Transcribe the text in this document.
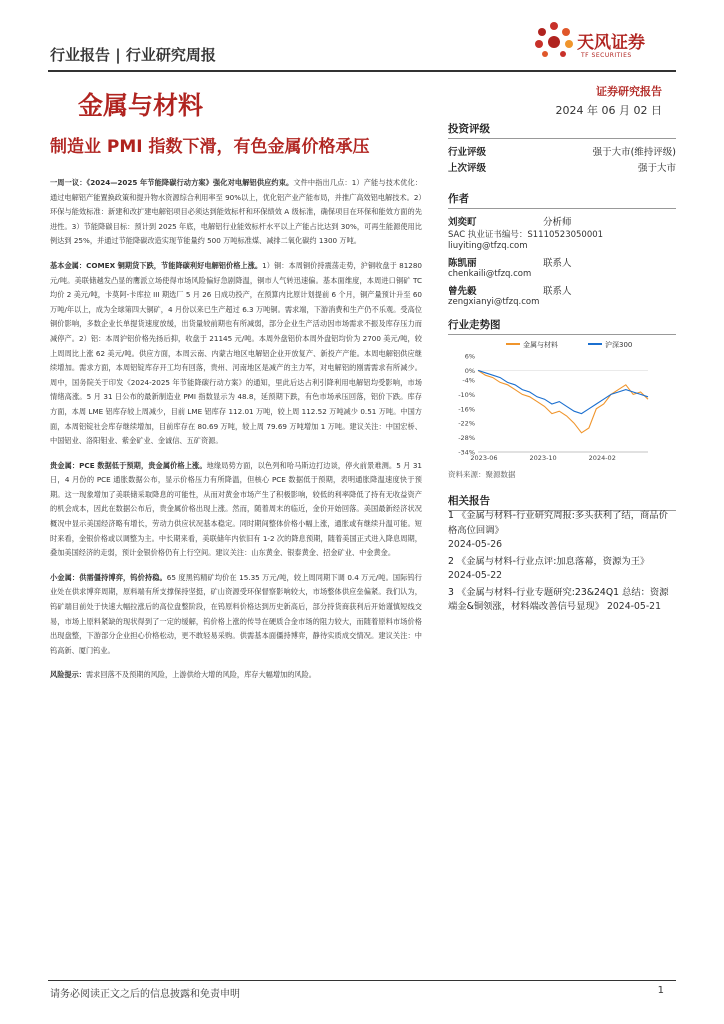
行业报告 | 行业研究周报
天风证券
TF SECURITIES
金属与材料	证券研究报告
2024 年 06 月 02 日
制造业 PMI 指数下滑，有色金属价格承压

一周一议：《2024—2025 年节能降碳行动方案》强化对电解铝供应约束。文件中指出几点：1）产能与技术优化：通过电解铝产能置换政策和提升物水资源综合利用率至 90%以上，优化铝产业产能布局，并推广高效铝电解技术。2）环保与能效标准：新建和改扩建电解铝项目必须达到能效标杆和环保绩效 A 级标准，确保项目在环保和能效方面的先进性。3）节能降碳目标：预计到 2025 年底，电解铝行业能效标杆水平以上产能占比达到 30%，可再生能源使用比例达到 25%，并通过节能降碳改造实现节能量约 500 万吨标准煤、减排二氧化碳约 1300 万吨。

基本金属：COMEX 铜期货下跌，节能降碳利好电解铝价格上涨。1）铜：本周铜价持震荡走势，沪铜收盘于 81280 元/吨。美联储越发凸显的鹰派立场使得市场风险偏好急剧降温，铜市人气转迅速偏。基本面维度，本周进口铜矿 TC 均价 2 美元/吨，卡莫阿-卡库拉 III 期选厂 5 月 26 日成功投产，在预算内比原计划提前 6 个月，铜产量预计升至 60 万吨/年以上，成为全球第四大铜矿，4 月份以来已生产超过 6.3 万吨铜。需求端，下游消费和生产仍不乐观。受高位铜价影响，多数企业长单提货速度放缓，出货量较前期也有所减弱，部分企业生产活动因市场需求不振及库存压力而减停产。2）铝：本周沪铝价格先扬后抑，收盘于 21145 元/吨。本周外盘铝价本周外盘铝均价为 2700 美元/吨，较上周周比上涨 62 美元/吨。供应方面，本周云南、内蒙古地区电解铝企业开放复产、新投产产能。本周电解铝供应继续增加。需求方面，本周铝锭库存开工均有回落，贵州、河南地区是减产的主力军，对电解铝的刚需需求有所减少。周中，国务院关于印发《2024-2025 年节能降碳行动方案》的通知，里此后达占利引降利用电解铝均受影响，市场情绪高涨。5 月 31 日公布的最新制造业 PMI 指数显示为 48.8，延预期下跌，有色市场承压回落，铝价下跌。库存方面，本周 LME 铝库存较上周减少，目前 LME 铝库存 112.01 万吨，较上周 112.52 万吨减少 0.51 万吨。中国方面，本周铝锭社会库存继续增加，目前库存在 80.69 万吨，较上周 79.69 万吨增加 1 万吨。建议关注：中国宏桥、中国铝业、洛阳钼业、紫金矿业、金诚信、五矿资源。

贵金属：PCE 数据低于预期，贵金属价格上涨。地缘局势方面，以色列和哈马斯边打边谈，停火前景难测。5 月 31 日，4 月份的 PCE 通胀数据公布，显示价格压力有所降温，但核心 PCE 数据低于预期，表明通胀降温速度快于预期。这一现象增加了美联储采取降息的可能性，从而对黄金市场产生了积极影响，较低的利率降低了持有无收益资产的机会成本，因此在数据公布后，贵金属价格出现上涨。然而，随着周末的临近，金价开始回落。美国最新经济状况概况中显示美国经济略有增长，劳动力供应状况基本稳定。同时期间整体价格小幅上涨，通胀或有继续升温可能。短时来看，金银价格或以调整为主。中长期来看，美联储年内依旧有 1-2 次的降息预期，随着美国正式进入降息周期，叠加美国经济的走弱，预计金银价格仍有上行空间。建议关注：山东黄金、银泰黄金、招金矿业、中金黄金。

小金属：供需僵持博弈，钨价持稳。65 度黑钨精矿均价在 15.35 万元/吨，较上周同期下调 0.4 万元/吨。国际钨行业处在供求博弈周期，原料端有所支撑保持坚挺，矿山资源受环保督察影响较大，市场整体供应垒偏紧。我们认为，钨矿端目前处于快速大幅拉涨后的高位盘整阶段，在钨原料价格达到历史新高后，部分持货商获利后开始谨慎短线交易，市场上原料紧缺的现状得到了一定的缓解，钨价格上涨的传导在硬质合金市场的阻力较大，而随着原料市场价格出现盘整，下游部分企业担心价格松动，更不敢轻易采购。供需基本面僵持博弈，静待实质成交情况。建议关注：中钨高新、厦门钨业。

风险提示：需求回落不及预期的风险，上游供给大增的风险，库存大幅增加的风险。

投资评级
行业评级	强于大市(维持评级)
上次评级	强于大市
作者
刘奕町	分析师
SAC 执业证书编号：S1110523050001
liuyiting@tfzq.com
陈凯丽	联系人
chenkaili@tfzq.com
曾先毅	联系人
zengxianyi@tfzq.com
行业走势图
金属与材料	沪深300
6%
0%
-4%
-10%
-16%
-22%
-28%
-34%
2023-06	2023-10	2024-02
资料来源：聚源数据
相关报告
1 《金属与材料-行业研究周报:多头获利了结，商品价格高位回调》
2024-05-26
2 《金属与材料-行业点评:加息落幕，资源为王》 2024-05-22
3 《金属与材料-行业专题研究:23&24Q1 总结：资源端金&铜领涨，材料端改善信号显现》 2024-05-21
请务必阅读正文之后的信息披露和免责申明	1
